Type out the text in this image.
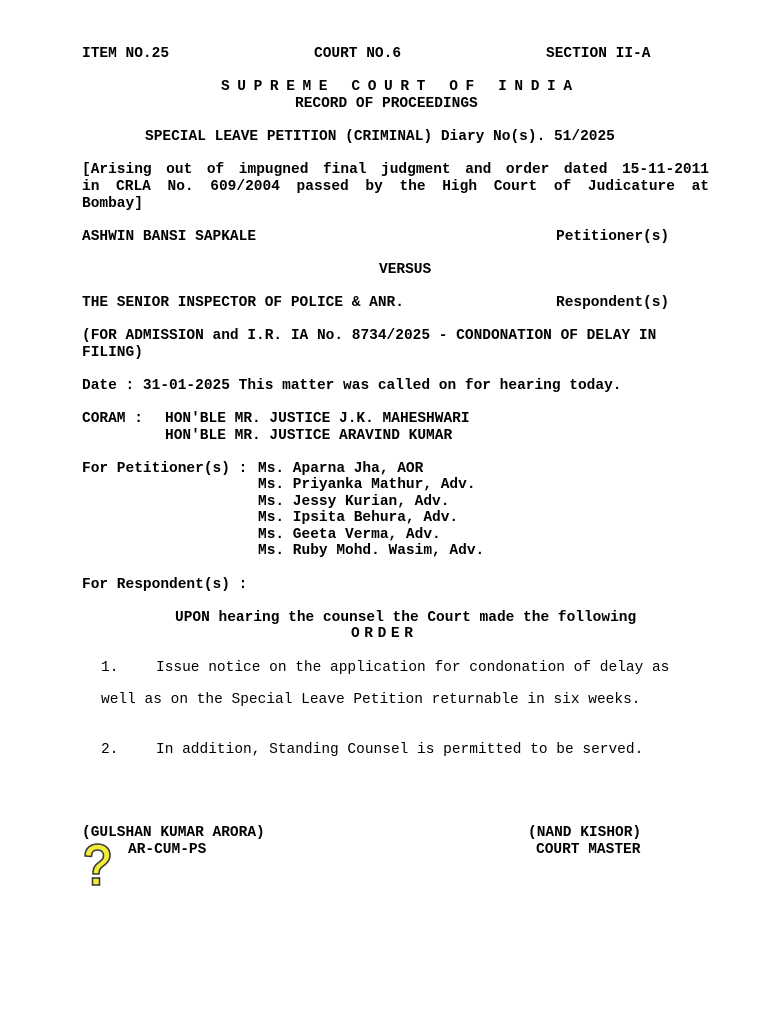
ITEM NO.25	COURT NO.6	SECTION II-A
SUPREME COURT OF INDIA
RECORD OF PROCEEDINGS
SPECIAL LEAVE PETITION (CRIMINAL) Diary No(s). 51/2025
[Arising out of impugned final judgment and order dated 15-11-2011
in CRLA No. 609/2004 passed by the High Court of Judicature at
Bombay]
ASHWIN BANSI SAPKALE	Petitioner(s)
VERSUS
THE SENIOR INSPECTOR OF POLICE & ANR.	Respondent(s)
(FOR ADMISSION and I.R. IA No. 8734/2025 - CONDONATION OF DELAY IN
FILING)
Date : 31-01-2025 This matter was called on for hearing today.
CORAM : HON'BLE MR. JUSTICE J.K. MAHESHWARI
HON'BLE MR. JUSTICE ARAVIND KUMAR
For Petitioner(s) : Ms. Aparna Jha, AOR
Ms. Priyanka Mathur, Adv.
Ms. Jessy Kurian, Adv.
Ms. Ipsita Behura, Adv.
Ms. Geeta Verma, Adv.
Ms. Ruby Mohd. Wasim, Adv.
For Respondent(s) :
UPON hearing the counsel the Court made the following
ORDER
1.	Issue notice on the application for condonation of delay as
well as on the Special Leave Petition returnable in six weeks.
2.	In addition, Standing Counsel is permitted to be served.
(GULSHAN KUMAR ARORA)
AR-CUM-PS
(NAND KISHOR)
COURT MASTER
